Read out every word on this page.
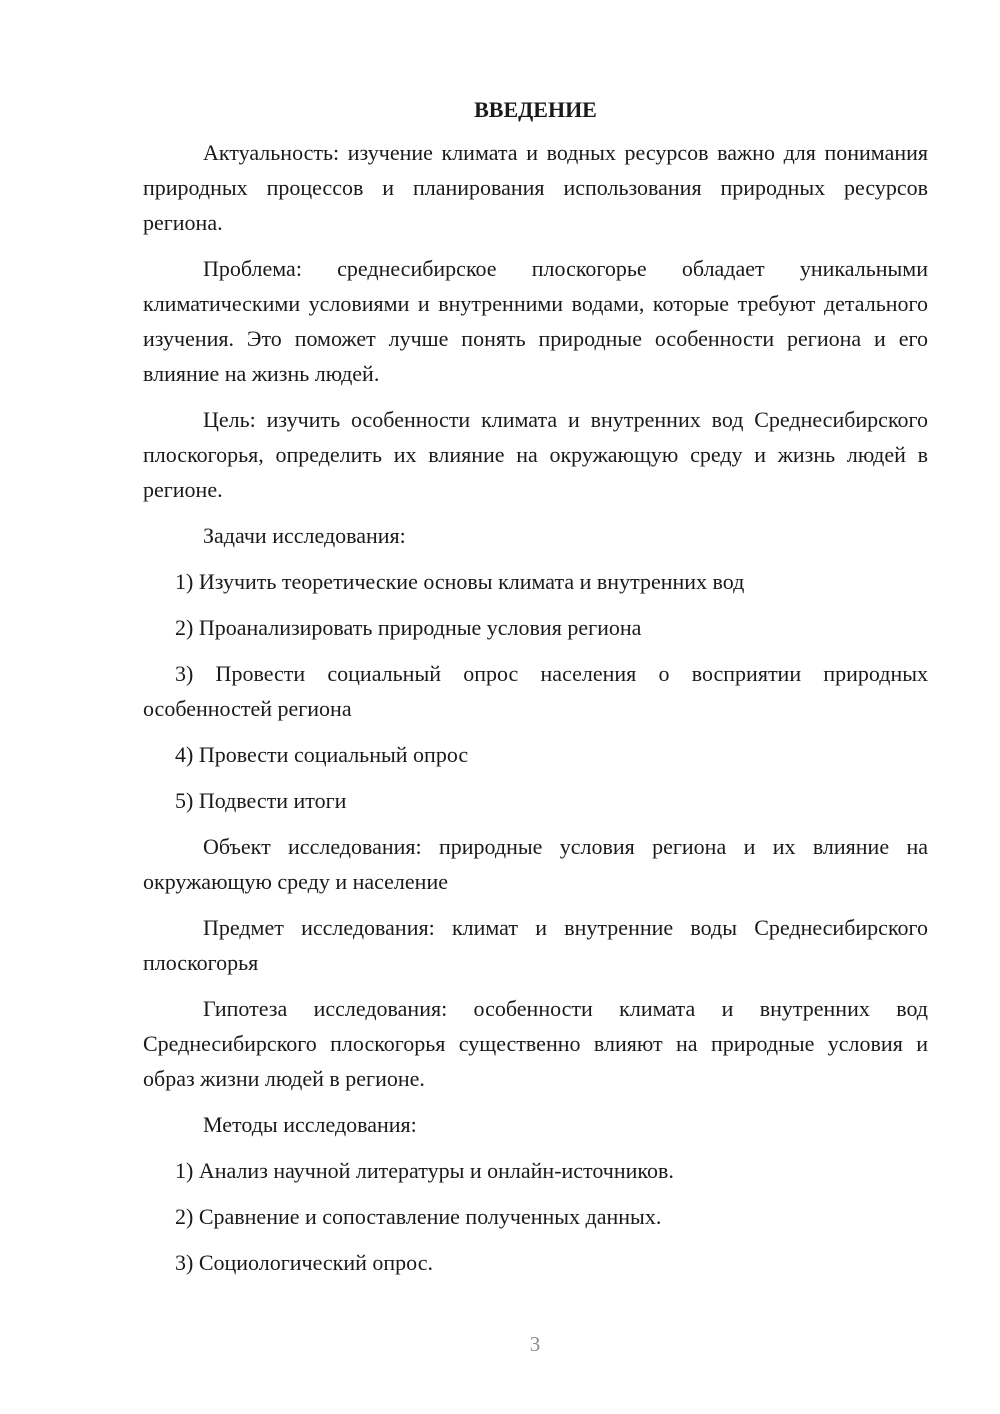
ВВЕДЕНИЕ
Актуальность: изучение климата и водных ресурсов важно для понимания природных процессов и планирования использования природных ресурсов региона.
Проблема: среднесибирское плоскогорье обладает уникальными климатическими условиями и внутренними водами, которые требуют детального изучения. Это поможет лучше понять природные особенности региона и его влияние на жизнь людей.
Цель: изучить особенности климата и внутренних вод Среднесибирского плоскогорья, определить их влияние на окружающую среду и жизнь людей в регионе.
Задачи исследования:
1) Изучить теоретические основы климата и внутренних вод
2) Проанализировать природные условия региона
3) Провести социальный опрос населения о восприятии природных особенностей региона
4) Провести социальный опрос
5) Подвести итоги
Объект исследования: природные условия региона и их влияние на окружающую среду и население
Предмет исследования: климат и внутренние воды Среднесибирского плоскогорья
Гипотеза исследования: особенности климата и внутренних вод Среднесибирского плоскогорья существенно влияют на природные условия и образ жизни людей в регионе.
Методы исследования:
1) Анализ научной литературы и онлайн-источников.
2) Сравнение и сопоставление полученных данных.
3) Социологический опрос.
3
